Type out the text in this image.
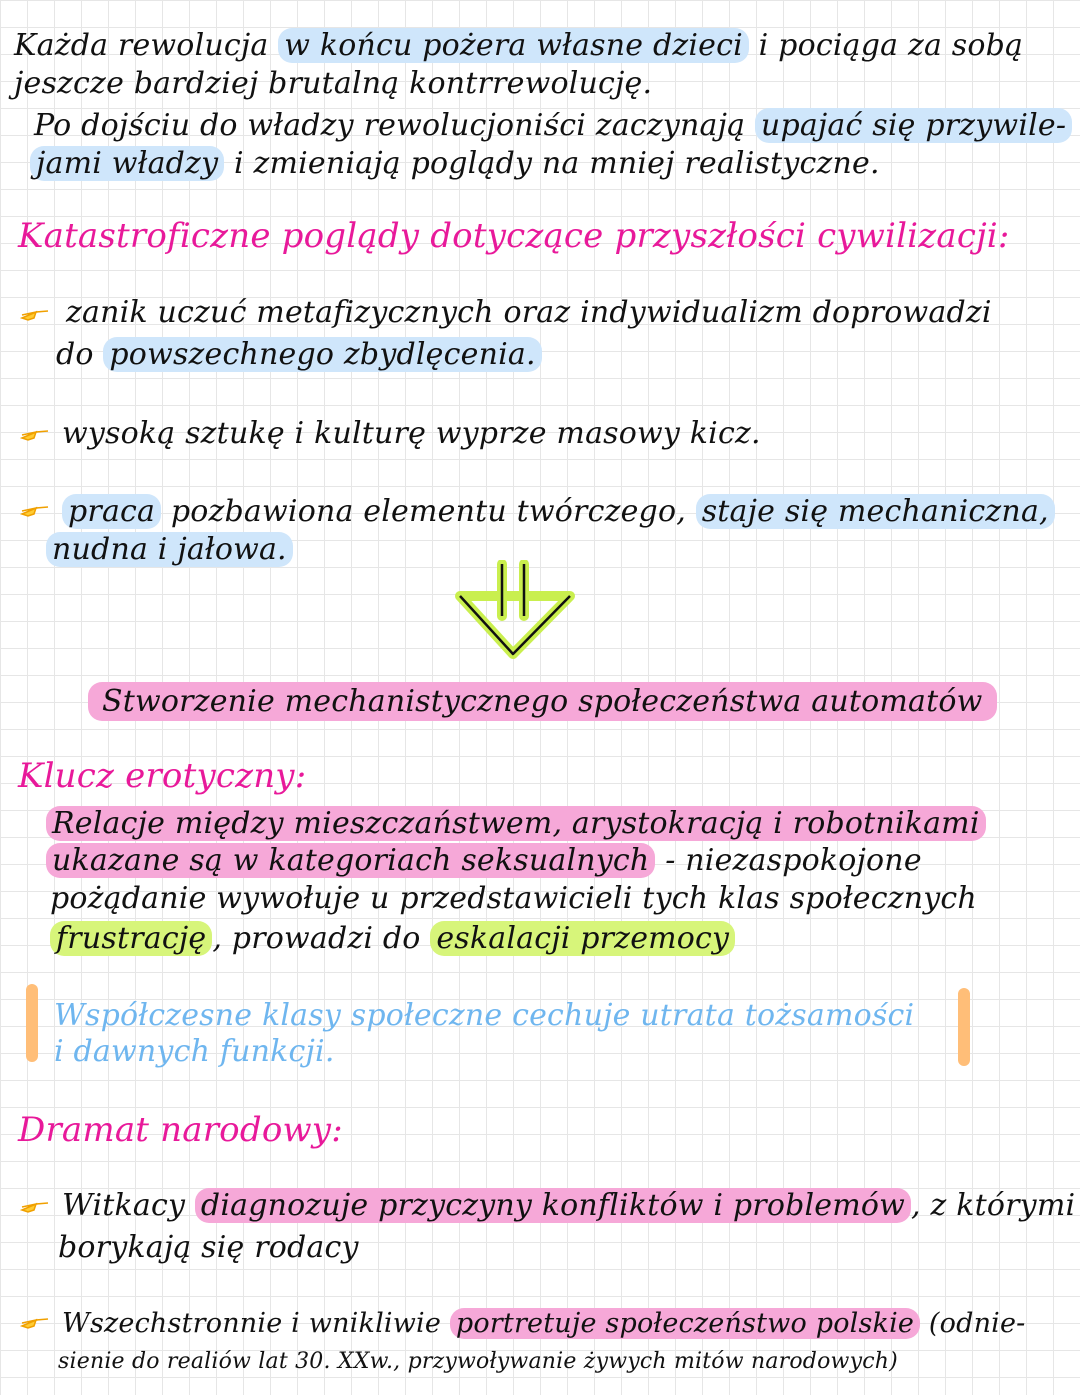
Każda rewolucja w końcu pożera własne dzieci i pociąga za sobą
jeszcze bardziej brutalną kontrrewolucję.
Po dojściu do władzy rewolucjoniści zaczynają upajać się przywile-
jami władzy i zmieniają poglądy na mniej realistyczne.
Katastroficzne poglądy dotyczące przyszłości cywilizacji:
zanik uczuć metafizycznych oraz indywidualizm doprowadzi
do powszechnego zbydlęcenia.
wysoką sztukę i kulturę wyprze masowy kicz.
praca pozbawiona elementu twórczego, staje się mechaniczna,
nudna i jałowa.
Stworzenie mechanistycznego społeczeństwa automatów
Klucz erotyczny:
Relacje między mieszczaństwem, arystokracją i robotnikami
ukazane są w kategoriach seksualnych - niezaspokojone
pożądanie wywołuje u przedstawicieli tych klas społecznych
frustrację , prowadzi do eskalacji przemocy
Współczesne klasy społeczne cechuje utrata tożsamości
i dawnych funkcji.
Dramat narodowy:
Witkacy diagnozuje przyczyny konfliktów i problemów , z którymi
borykają się rodacy
Wszechstronnie i wnikliwie portretuje społeczeństwo polskie (odnie-
sienie do realiów lat 30. XXw., przywoływanie żywych mitów narodowych)
